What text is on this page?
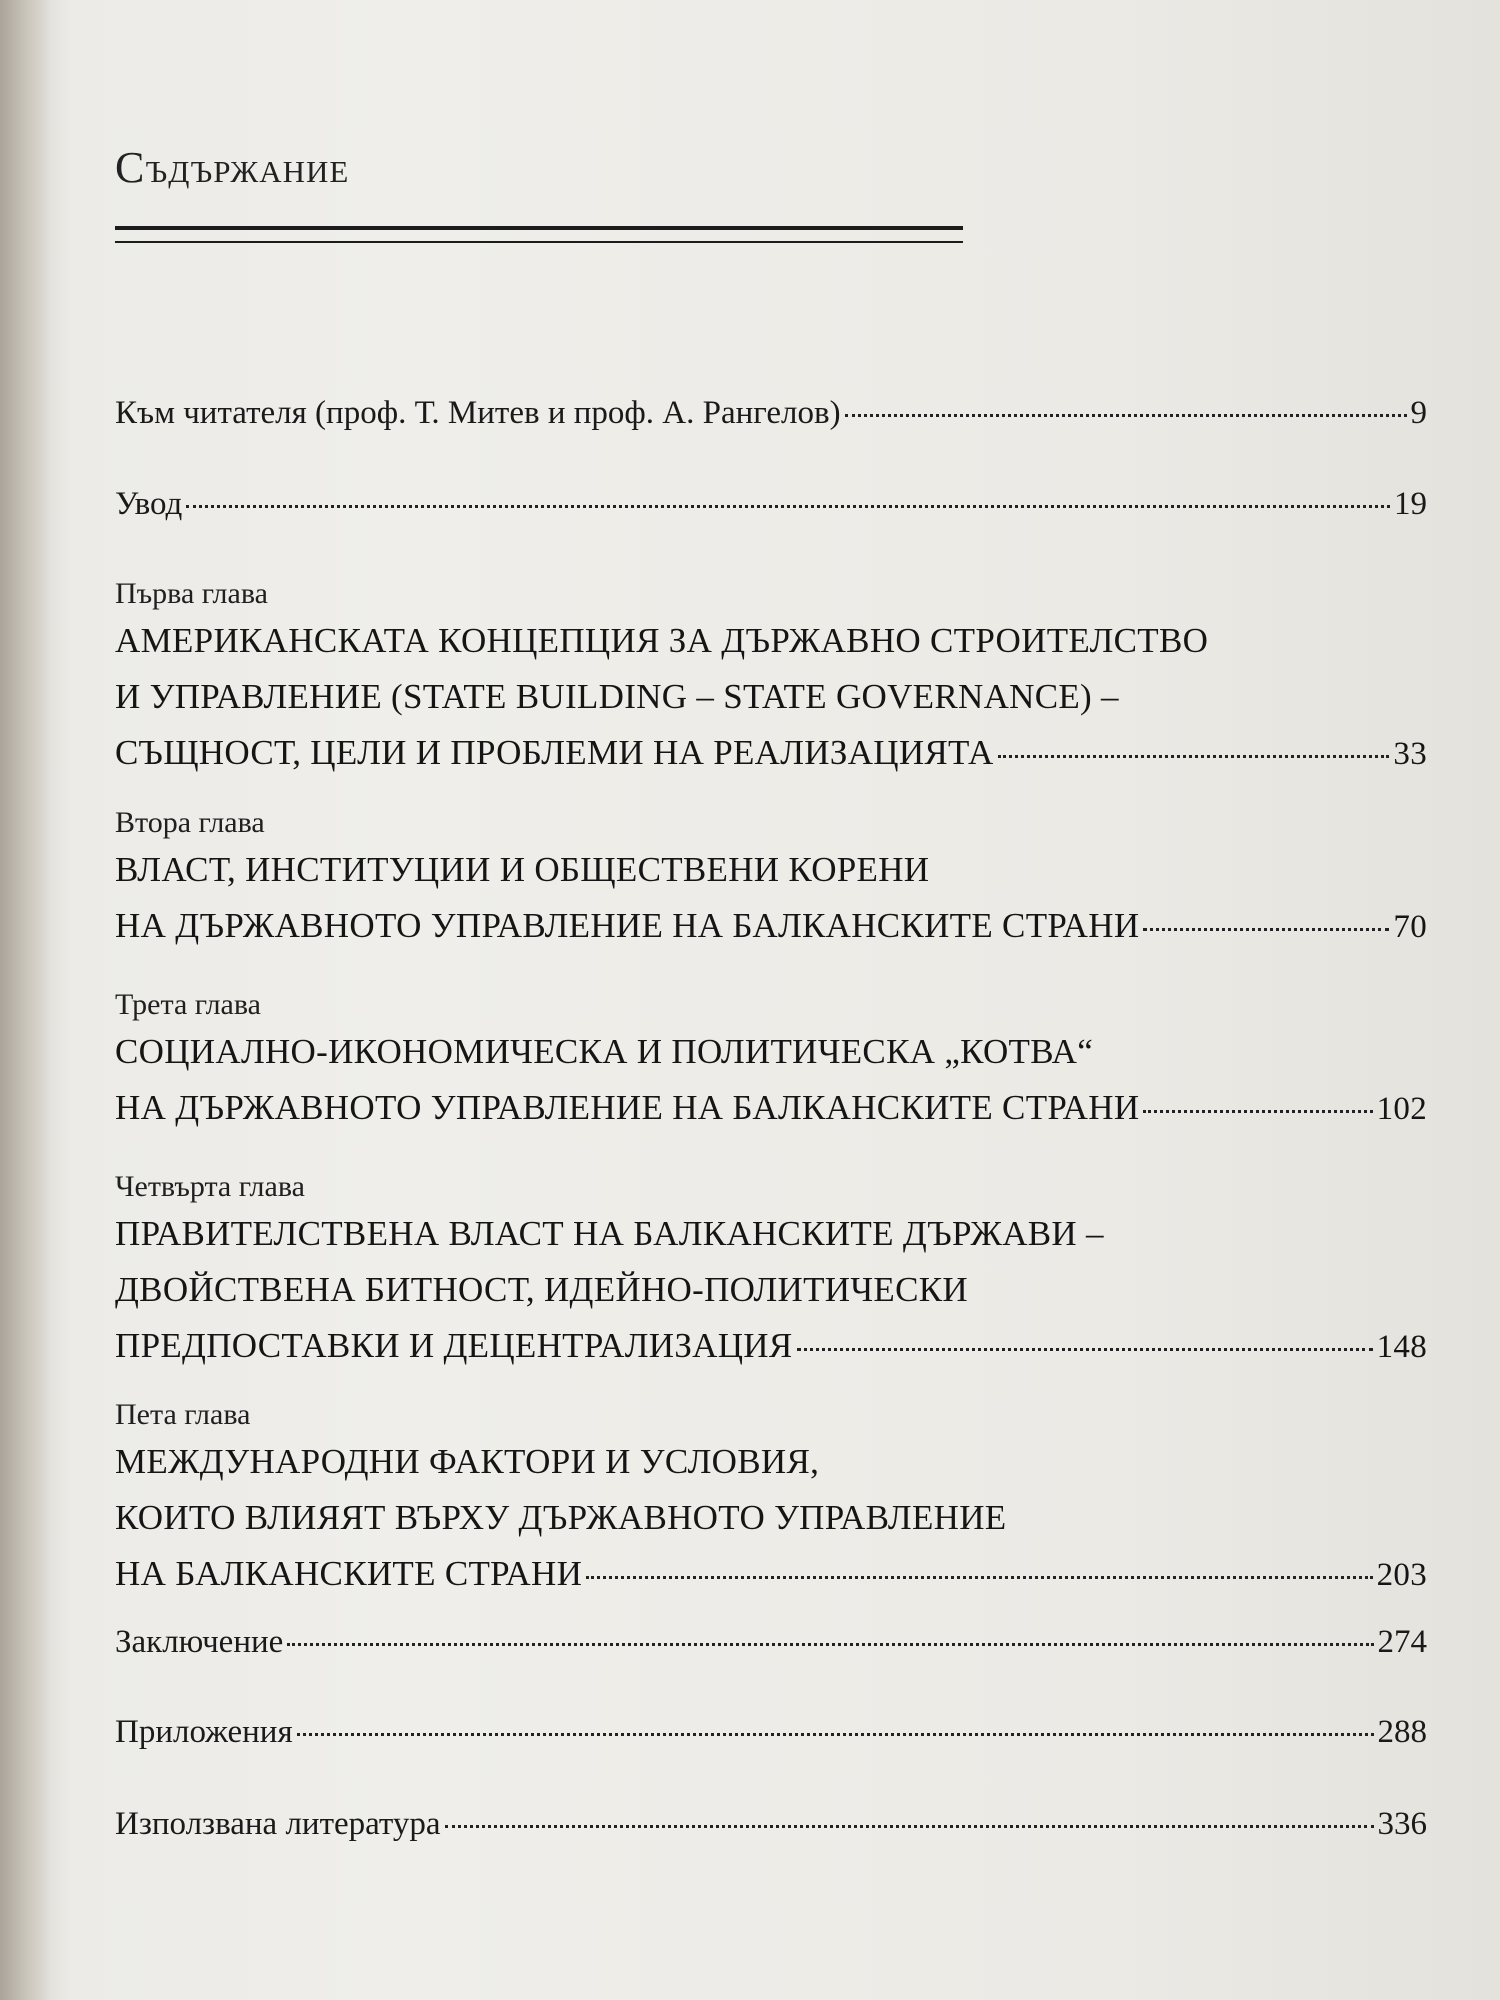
Съдържание
Към читателя (проф. Т. Митев и проф. А. Рангелов)	9
Увод	19
Първа глава
АМЕРИКАНСКАТА КОНЦЕПЦИЯ ЗА ДЪРЖАВНО СТРОИТЕЛСТВО
И УПРАВЛЕНИЕ (STATE BUILDING – STATE GOVERNANCE) –
СЪЩНОСТ, ЦЕЛИ И ПРОБЛЕМИ НА РЕАЛИЗАЦИЯТА	33
Втора глава
ВЛАСТ, ИНСТИТУЦИИ И ОБЩЕСТВЕНИ КОРЕНИ
НА ДЪРЖАВНОТО УПРАВЛЕНИЕ НА БАЛКАНСКИТЕ СТРАНИ	70
Трета глава
СОЦИАЛНО-ИКОНОМИЧЕСКА И ПОЛИТИЧЕСКА „КОТВА“
НА ДЪРЖАВНОТО УПРАВЛЕНИЕ НА БАЛКАНСКИТЕ СТРАНИ	102
Четвърта глава
ПРАВИТЕЛСТВЕНА ВЛАСТ НА БАЛКАНСКИТЕ ДЪРЖАВИ –
ДВОЙСТВЕНА БИТНОСТ, ИДЕЙНО-ПОЛИТИЧЕСКИ
ПРЕДПОСТАВКИ И ДЕЦЕНТРАЛИЗАЦИЯ	148
Пета глава
МЕЖДУНАРОДНИ ФАКТОРИ И УСЛОВИЯ,
КОИТО ВЛИЯЯТ ВЪРХУ ДЪРЖАВНОТО УПРАВЛЕНИЕ
НА БАЛКАНСКИТЕ СТРАНИ	203
Заключение	274
Приложения	288
Използвана литература	336
